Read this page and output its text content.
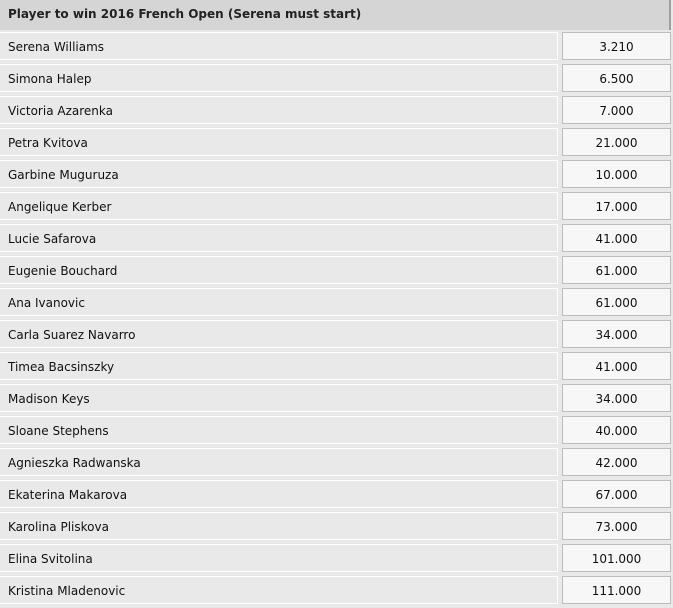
Player to win 2016 French Open (Serena must start)
Serena Williams	3.210
Simona Halep	6.500
Victoria Azarenka	7.000
Petra Kvitova	21.000
Garbine Muguruza	10.000
Angelique Kerber	17.000
Lucie Safarova	41.000
Eugenie Bouchard	61.000
Ana Ivanovic	61.000
Carla Suarez Navarro	34.000
Timea Bacsinszky	41.000
Madison Keys	34.000
Sloane Stephens	40.000
Agnieszka Radwanska	42.000
Ekaterina Makarova	67.000
Karolina Pliskova	73.000
Elina Svitolina	101.000
Kristina Mladenovic	111.000
